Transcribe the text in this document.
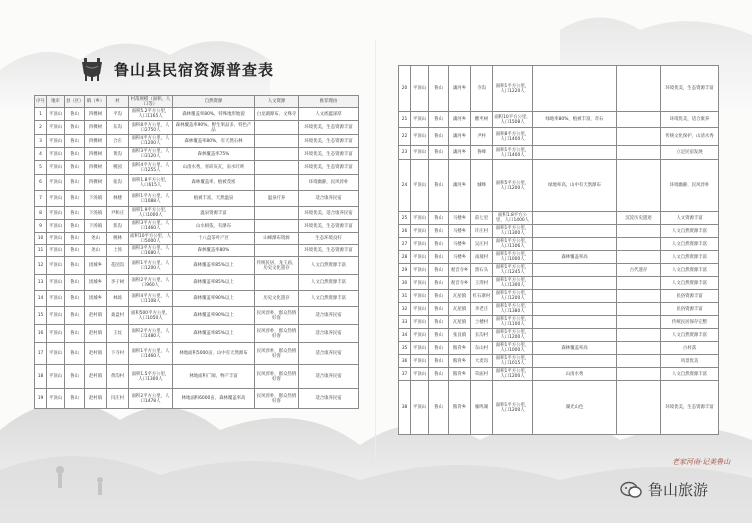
鲁山县民宿资源普查表
序号	地市	县（区）	镇（乡）	村	村落规模（面积、人口等）	自然资源	人文资源	推荐理由
1	平顶山	鲁山	四棵树	平沟	面积5.2平方公里，人口1165人	森林覆盖率80%，特殊地形地貌	白龙湖瀑布、文殊寺	人文底蕴深厚
2	平顶山	鲁山	四棵树	东沟	面积8平方公里，人口2750人	森林覆盖率90%，野生果品多，特色产品		环境优美，生态资源丰富
3	平顶山	鲁山	四棵树	合庄	面积4平方公里，人口1200人	森林覆盖率80%，有天然石林		环境优美，生态资源丰富
4	平顶山	鲁山	四棵树	黄沟	面积3平方公里，人口3120人	森林覆盖率75%		环境优美，生态资源丰富
5	平顶山	鲁山	四棵树	桃园	面积4平方公里，人口1255人	山清水秀，青砖灰瓦，泉水叮咚		环境优美，生态资源丰富
6	平顶山	鲁山	四棵树	张沟	面积1.8平方公里，人口615人	森林覆盖率，植被茂密		环境幽静，民风淳朴
7	平顶山	鲁山	下汤镇	林楼	面积1平方公里，人口1088人	植被丰富，天然温泉	温泉疗养	适合康养民宿
8	平顶山	鲁山	下汤镇	尹和庄	面积1.9平方公里，人口1000人	温泉资源丰富		环境优美，适合康养民宿
9	平顶山	鲁山	下汤镇	焦沟	面积3平方公里，人口1460人	山水相依，有瀑布		环境优美，生态资源丰富
10	平顶山	鲁山	尧山	桃林	面积10平方公里，人口5000人	十八盘茶叶产区	山峰瀑布资源	生态环境良好
11	平顶山	鲁山	尧山	上汤	面积3平方公里，人口1680人	森林覆盖率80%		环境优美，生态资源丰富
12	平顶山	鲁山	团城乡	花园沟	面积1平方公里，人口1200人	森林覆盖率85%以上	传统民居，龙王庙，历史文化遗存	人文自然资源丰富
13	平顶山	鲁山	团城乡	李子树	面积2平方公里，人口960人	森林覆盖率85%以上		人文自然资源丰富
14	平顶山	鲁山	团城乡	林场	面积4平方公里，人口1108人	森林覆盖率90%以上	历史文化遗存	人文自然资源丰富
15	平顶山	鲁山	赵村镇	桑盘村	面积500平方公里，人口1050人	森林覆盖率90%以上	民风淳朴，群众热情好客	适合康养民宿
16	平顶山	鲁山	赵村镇	王坟	面积2平方公里，人口1480人	森林覆盖率85%以上	民风淳朴，群众热情好客	适合康养民宿
17	平顶山	鲁山	赵村镇	下寺村	面积1平方公里，人口1460人	林地面积5000亩，山中有天然瀑布	民风淳朴，群众热情好客	适合康养民宿
18	平顶山	鲁山	赵村镇	黄沟村	面积1.5平方公里，人口1300人	林地面积广阔，物产丰富	民风淳朴，群众热情好客	适合康养民宿
19	平顶山	鲁山	赵村镇	闫庄村	面积2平方公里，人口1478人	林地面积6000亩，森林覆盖率高	民风淳朴，群众热情好客	适合康养民宿
20	平顶山	鲁山	瀼河乡	寺沟	面积1平方公里，人口1220人			环境优美，生态资源丰富
21	平顶山	鲁山	瀼河乡	酸枣树	面积10平方公里，人口1508人	绿地率80%，植被丰富，奇石		环境优美，适合康养
22	平顶山	鲁山	瀼河乡	尹村	面积8平方公里，人口1400人			传统文化保护，山清水秀
23	平顶山	鲁山	瀼河乡	鲁峰	面积1平方公里，人口1400人			立足民宿发展
24	平顶山	鲁山	瀼河乡	城峰	面积5平方公里，人口1200人	绿地率高，山中有天然瀑布		环境幽静，民风淳朴
25	平顶山	鲁山	马楼乡	前七里	面积1.8平方公里，人口1400人		沉淀历史遗迹	人文资源丰富
26	平顶山	鲁山	马楼乡	许庄村	面积1平方公里，人口1300人			人文自然资源丰富
27	平顶山	鲁山	马楼乡	吴庄村	面积1平方公里，人口1106人			人文自然资源丰富
28	平顶山	鲁山	马楼乡	南坡村	面积1平方公里，人口1000人	森林覆盖率高		人文自然资源丰富
29	平顶山	鲁山	观音寺乡	黑石头	面积1平方公里，人口1245人		古代遗存	人文自然资源丰富
30	平顶山	鲁山	观音寺乡	王湾村	面积1平方公里，人口1300人			人文自然资源丰富
31	平顶山	鲁山	瓦屋镇	红石寨村	面积1平方公里，人口1200人			民俗资源丰富
32	平顶山	鲁山	瓦屋镇	李老庄	面积1平方公里，人口1380人			民俗资源丰富
33	平顶山	鲁山	瓦屋镇	土楼村	面积1平方公里，人口1100人			传统民居保存完整
34	平顶山	鲁山	张良镇	长沟村	面积1平方公里，人口1200人			人文自然资源丰富
35	平顶山	鲁山	熊背乡	东山村	面积1平方公里，人口1000人	森林覆盖率高		古村落
36	平顶山	鲁山	熊背乡	大麦沟	面积1平方公里，人口1015人			风景优美
37	平顶山	鲁山	熊背乡	草庙村	面积1平方公里，人口1200人	山清水秀		人文自然资源丰富
38	平顶山	鲁山	熊背乡	雁鸣湖	面积1平方公里，人口1200人	湖光山色		环境优美，生态资源丰富
老家河南·记美鲁山
鲁山旅游
